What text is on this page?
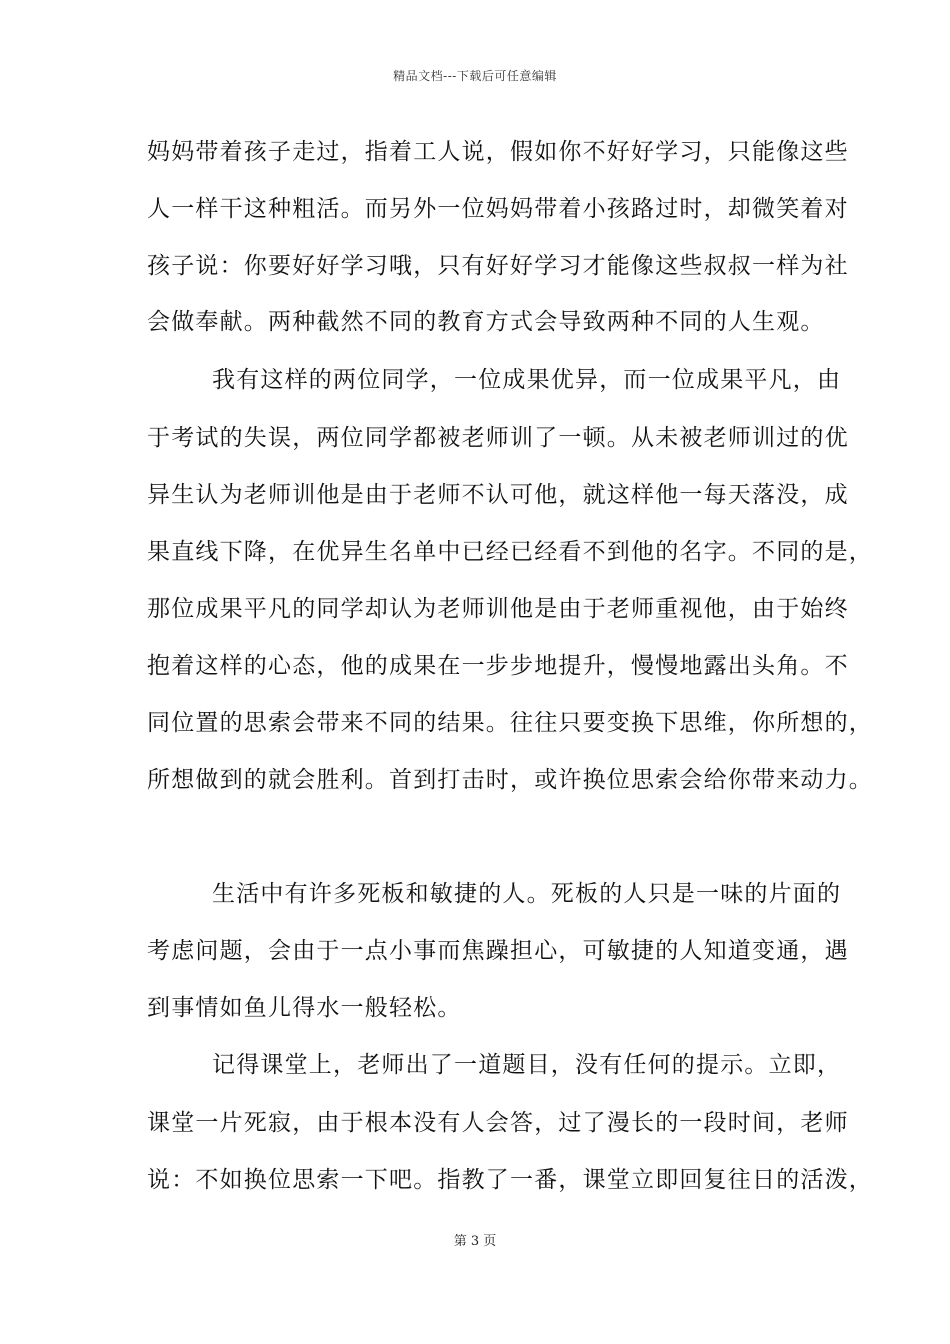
精品文档---下载后可任意编辑
妈妈带着孩子走过，指着工人说，假如你不好好学习，只能像这些
人一样干这种粗活。而另外一位妈妈带着小孩路过时，却微笑着对
孩子说：你要好好学习哦，只有好好学习才能像这些叔叔一样为社
会做奉献。两种截然不同的教育方式会导致两种不同的人生观。
我有这样的两位同学，一位成果优异，而一位成果平凡，由
于考试的失误，两位同学都被老师训了一顿。从未被老师训过的优
异生认为老师训他是由于老师不认可他，就这样他一每天落没，成
果直线下降，在优异生名单中已经已经看不到他的名字。不同的是，
那位成果平凡的同学却认为老师训他是由于老师重视他，由于始终
抱着这样的心态，他的成果在一步步地提升，慢慢地露出头角。不
同位置的思索会带来不同的结果。往往只要变换下思维，你所想的，
所想做到的就会胜利。首到打击时，或许换位思索会给你带来动力。
生活中有许多死板和敏捷的人。死板的人只是一味的片面的
考虑问题，会由于一点小事而焦躁担心，可敏捷的人知道变通，遇
到事情如鱼儿得水一般轻松。
记得课堂上，老师出了一道题目，没有任何的提示。立即，
课堂一片死寂，由于根本没有人会答，过了漫长的一段时间，老师
说：不如换位思索一下吧。指教了一番，课堂立即回复往日的活泼，
第 3 页
